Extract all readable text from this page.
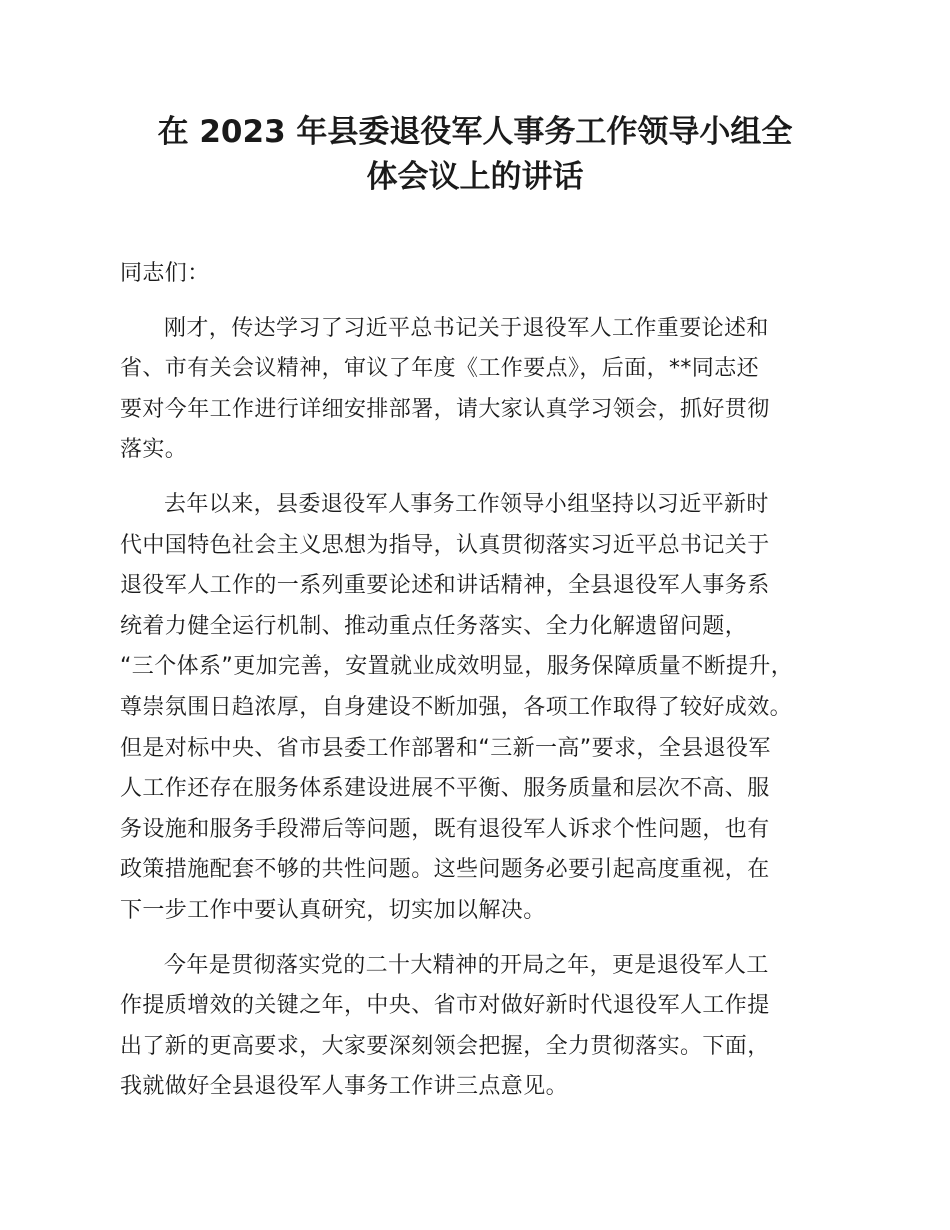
在 2023 年县委退役军人事务工作领导小组全
体会议上的讲话

同志们：

刚才，传达学习了习近平总书记关于退役军人工作重要论述和
省、市有关会议精神，审议了年度《工作要点》，后面，**同志还
要对今年工作进行详细安排部署，请大家认真学习领会，抓好贯彻
落实。

去年以来，县委退役军人事务工作领导小组坚持以习近平新时
代中国特色社会主义思想为指导，认真贯彻落实习近平总书记关于
退役军人工作的一系列重要论述和讲话精神，全县退役军人事务系
统着力健全运行机制、推动重点任务落实、全力化解遗留问题，
“三个体系”更加完善，安置就业成效明显，服务保障质量不断提升，
尊崇氛围日趋浓厚，自身建设不断加强，各项工作取得了较好成效。
但是对标中央、省市县委工作部署和“三新一高”要求，全县退役军
人工作还存在服务体系建设进展不平衡、服务质量和层次不高、服
务设施和服务手段滞后等问题，既有退役军人诉求个性问题，也有
政策措施配套不够的共性问题。这些问题务必要引起高度重视，在
下一步工作中要认真研究，切实加以解决。

今年是贯彻落实党的二十大精神的开局之年，更是退役军人工
作提质增效的关键之年，中央、省市对做好新时代退役军人工作提
出了新的更高要求，大家要深刻领会把握，全力贯彻落实。下面，
我就做好全县退役军人事务工作讲三点意见。
